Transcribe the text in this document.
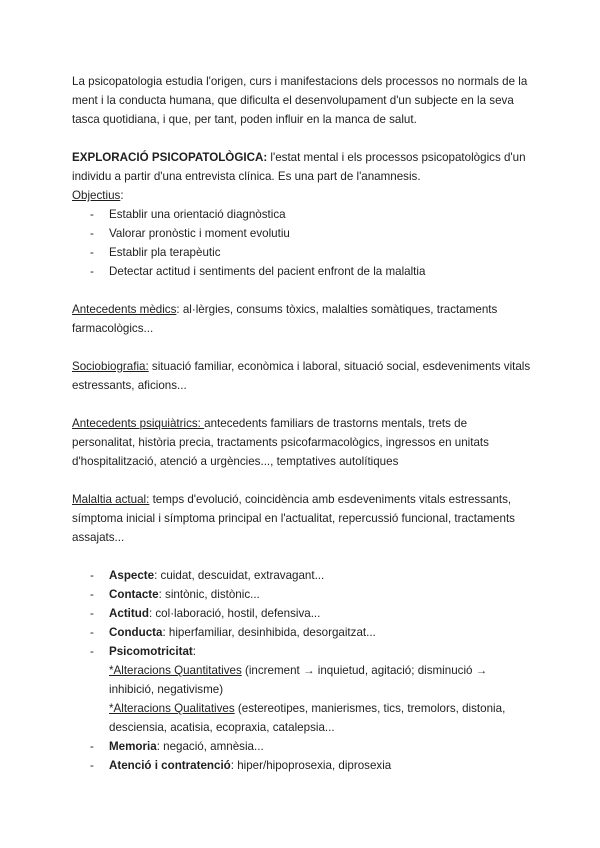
La psicopatologia estudia l'origen, curs i manifestacions dels processos no normals de la ment i la conducta humana, que dificulta el desenvolupament d'un subjecte en la seva tasca quotidiana, i que, per tant, poden influir en la manca de salut.

EXPLORACIÓ PSICOPATOLÒGICA: l'estat mental i els processos psicopatològics d'un individu a partir d'una entrevista clínica. Es una part de l'anamnesis.

Objectius:

- Establir una orientació diagnòstica
- Valorar pronòstic i moment evolutiu
- Establir pla terapèutic
- Detectar actitud i sentiments del pacient enfront de la malaltia

Antecedents mèdics: al·lèrgies, consums tòxics, malalties somàtiques, tractaments farmacològics...

Sociobiografia: situació familiar, econòmica i laboral, situació social, esdeveniments vitals estressants, aficions...

Antecedents psiquiàtrics: antecedents familiars de trastorns mentals, trets de personalitat, història precia, tractaments psicofarmacològics, ingressos en unitats d'hospitalització, atenció a urgències..., temptatives autolítiques

Malaltia actual: temps d'evolució, coincidència amb esdeveniments vitals estressants, símptoma inicial i símptoma principal en l'actualitat, repercussió funcional, tractaments assajats...

- Aspecte: cuidat, descuidat, extravagant...
- Contacte: sintònic, distònic...
- Actitud: col·laboració, hostil, defensiva...
- Conducta: hiperfamiliar, desinhibida, desorgaitzat...
- Psicomotricitat:
*Alteracions Quantitatives (increment → inquietud, agitació; disminució → inhibició, negativisme)
*Alteracions Qualitatives (estereotipes, manierismes, tics, tremolors, distonia, desciensia, acatisia, ecopraxia, catalepsia...
- Memoria: negació, amnèsia...
- Atenció i contratenció: hiper/hipoprosexia, diprosexia
